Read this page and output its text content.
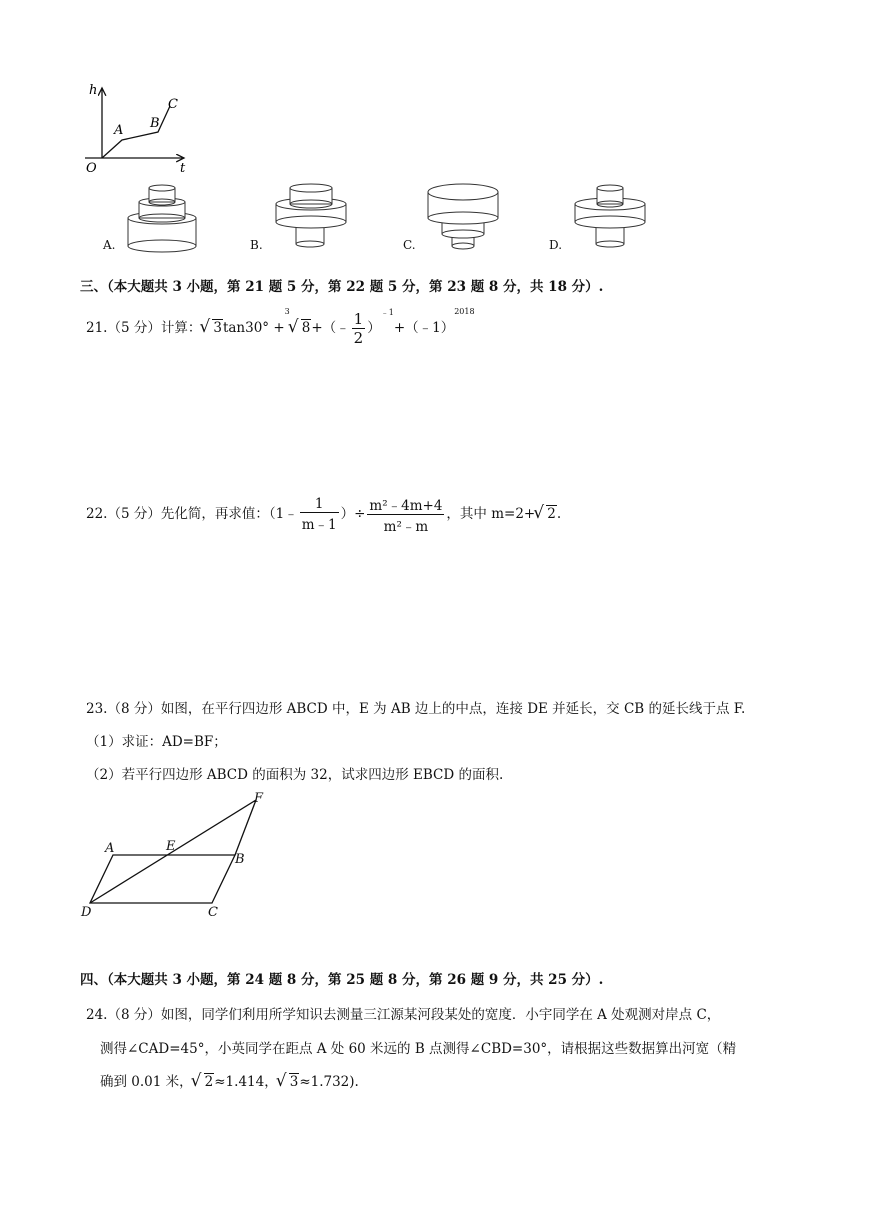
h
t
O
A B
C
A.	B.	C.	D.
三、（本大题共 3 小题，第 21 题 5 分，第 22 题 5 分，第 23 题 8 分，共 18 分）.
21.（5 分）计算： √ 3tan30° +$^3$√ 8+（﹣ $\frac{1}{2}$ ）$^{﹣1}$+（﹣1）$^{2018}$
22.（5 分）先化简，再求值：（1﹣ $\frac{1}{m﹣1}$ ）÷ $\frac{\text{m²﹣4m+4}}{\text{m²﹣m}}$ ，其中 m=2+ √ 2.
23.（8 分）如图，在平行四边形 ABCD 中，E 为 AB 边上的中点，连接 DE 并延长，交 CB 的延长线于点 F.
（1）求证：AD=BF；
（2）若平行四边形 ABCD 的面积为 32，试求四边形 EBCD 的面积.
A	E
B
F
D	C
四、（本大题共 3 小题，第 24 题 8 分，第 25 题 8 分，第 26 题 9 分，共 25 分）.
24.（8 分）如图，同学们利用所学知识去测量三江源某河段某处的宽度．小宇同学在 A 处观测对岸点 C，
测得∠CAD=45°，小英同学在距点 A 处 60 米远的 B 点测得∠CBD=30°，请根据这些数据算出河宽（精
确到 0.01 米， √ 2≈1.414， √ 3≈1.732).
